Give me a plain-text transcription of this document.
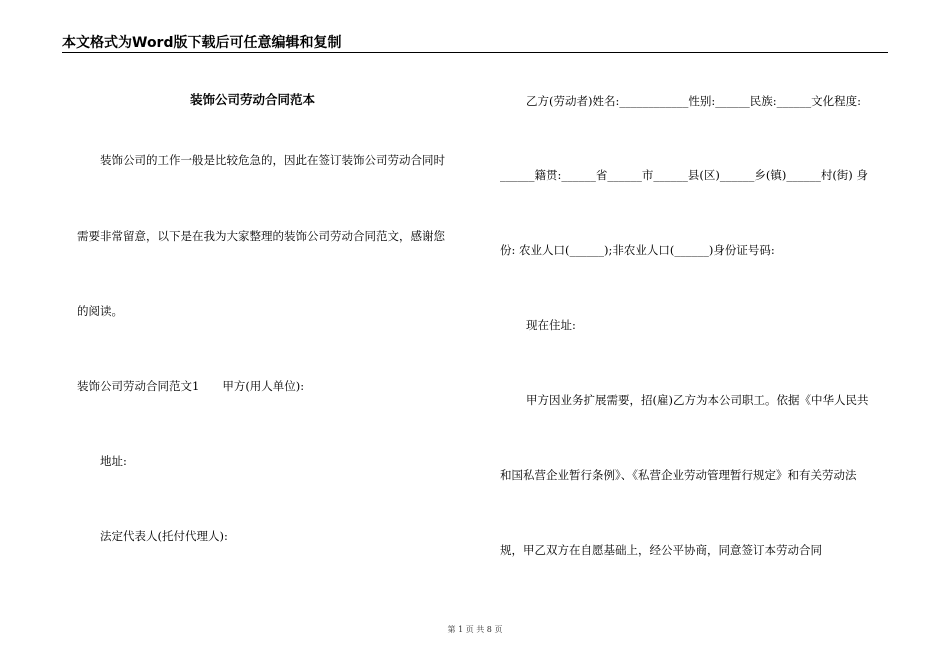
本文格式为Word版下载后可任意编辑和复制
装饰公司劳动合同范本
装饰公司的工作一般是比较危急的，因此在签订装饰公司劳动合同时
需要非常留意，以下是在我为大家整理的装饰公司劳动合同范文，感谢您
的阅读。
装饰公司劳动合同范文1　　甲方(用人单位):
地址:
法定代表人(托付代理人):
乙方(劳动者)姓名:____________性别:______民族:______文化程度:
______籍贯:______省______市______县(区)______乡(镇)______村(街) 身
份: 农业人口(______);非农业人口(______)身份证号码:
现在住址:
甲方因业务扩展需要，招(雇)乙方为本公司职工。依据《中华人民共
和国私营企业暂行条例》、《私营企业劳动管理暂行规定》和有关劳动法
规，甲乙双方在自愿基础上，经公平协商，同意签订本劳动合同
第 1 页 共 8 页
